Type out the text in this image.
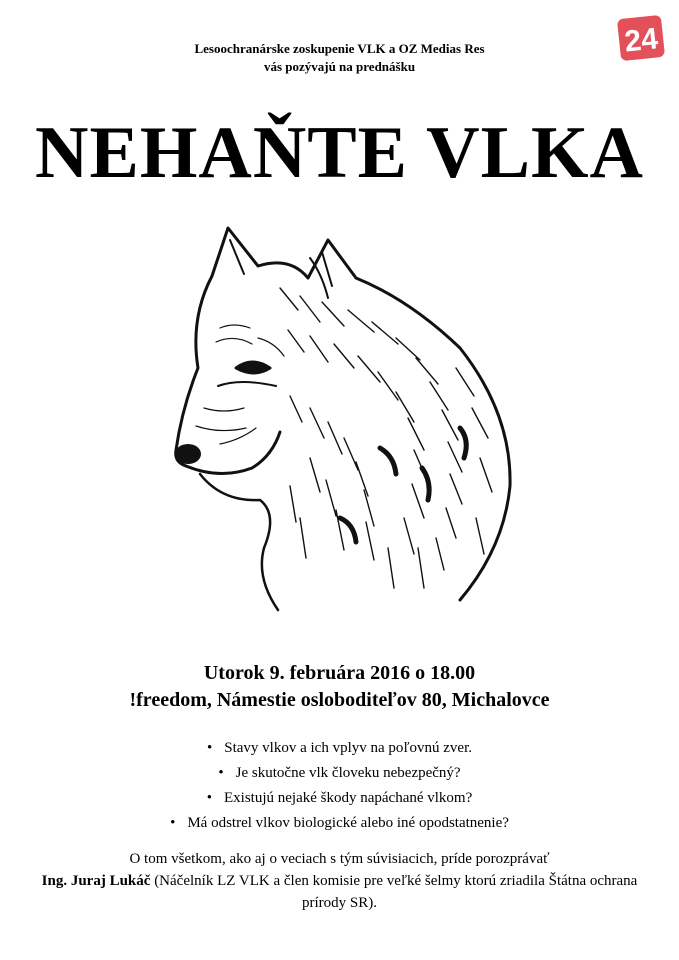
24
Lesoochranárske zoskupenie VLK a OZ Medias Res
vás pozývajú na prednášku
NEHAŇTE VLKA
Utorok 9. februára 2016 o 18.00
!freedom, Námestie osloboditeľov 80, Michalovce
• Stavy vlkov a ich vplyv na poľovnú zver.
• Je skutočne vlk človeku nebezpečný?
• Existujú nejaké škody napáchané vlkom?
• Má odstrel vlkov biologické alebo iné opodstatnenie?
O tom všetkom, ako aj o veciach s tým súvisiacich, príde porozprávať
Ing. Juraj Lukáč (Náčelník LZ VLK a člen komisie pre veľké šelmy ktorú zriadila Štátna ochrana prírody SR).
